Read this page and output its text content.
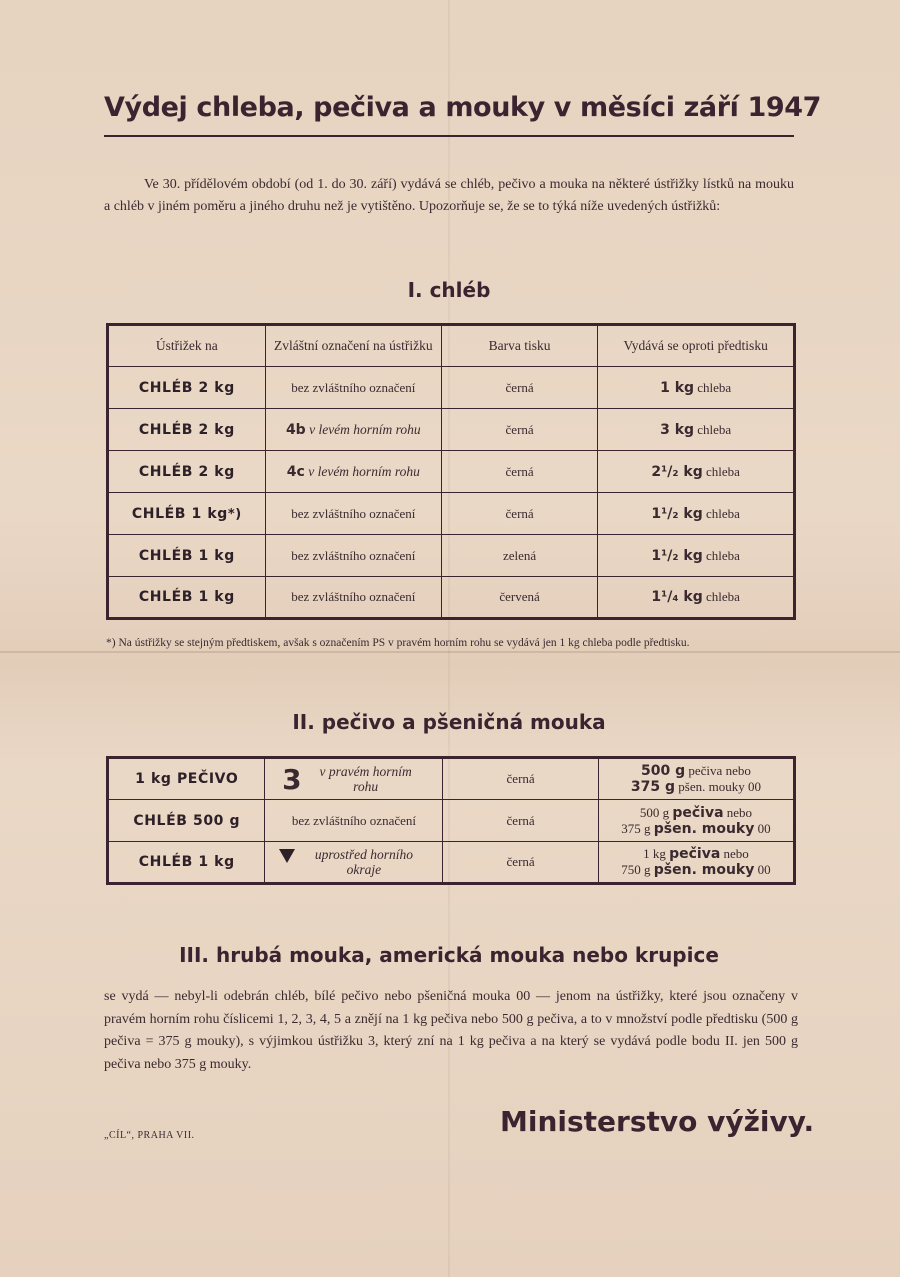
Výdej chleba, pečiva a mouky v měsíci září 1947
Ve 30. přídělovém období (od 1. do 30. září) vydává se chléb, pečivo a mouka na některé ústřižky lístků na mouku a chléb v jiném poměru a jiného druhu než je vytištěno. Upozorňuje se, že se to týká níže uvedených ústřižků:
I. chléb
Ústřižek na	Zvláštní označení na ústřižku	Barva tisku	Vydává se oproti předtisku
CHLÉB 2 kg	bez zvláštního označení	černá	1 kg chleba
CHLÉB 2 kg	4b v levém horním rohu	černá	3 kg chleba
CHLÉB 2 kg	4c v levém horním rohu	černá	2¹/₂ kg chleba
CHLÉB 1 kg*)	bez zvláštního označení	černá	1¹/₂ kg chleba
CHLÉB 1 kg	bez zvláštního označení	zelená	1¹/₂ kg chleba
CHLÉB 1 kg	bez zvláštního označení	červená	1¹/₄ kg chleba
*) Na ústřižky se stejným předtiskem, avšak s označením PS v pravém horním rohu se vydává jen 1 kg chleba podle předtisku.
II. pečivo a pšeničná mouka
1 kg PEČIVO	3 v pravém horním rohu	černá	500 g pečiva nebo
375 g pšen. mouky 00

CHLÉB 500 g	bez zvláštního označení	černá	500 g pečiva nebo
375 g pšen. mouky 00

CHLÉB 1 kg	uprostřed horního okraje	černá	1 kg pečiva nebo
750 g pšen. mouky 00
III. hrubá mouka, americká mouka nebo krupice
se vydá — nebyl-li odebrán chléb, bílé pečivo nebo pšeničná mouka 00 — jenom na ústřižky, které jsou označeny v pravém horním rohu číslicemi 1, 2, 3, 4, 5 a znějí na 1 kg pečiva nebo 500 g pečiva, a to v množství podle předtisku (500 g pečiva = 375 g mouky), s výjimkou ústřižku 3, který zní na 1 kg pečiva a na který se vydává podle bodu II. jen 500 g pečiva nebo 375 g mouky.
„CÍL“, PRAHA VII.	Ministerstvo výživy.
